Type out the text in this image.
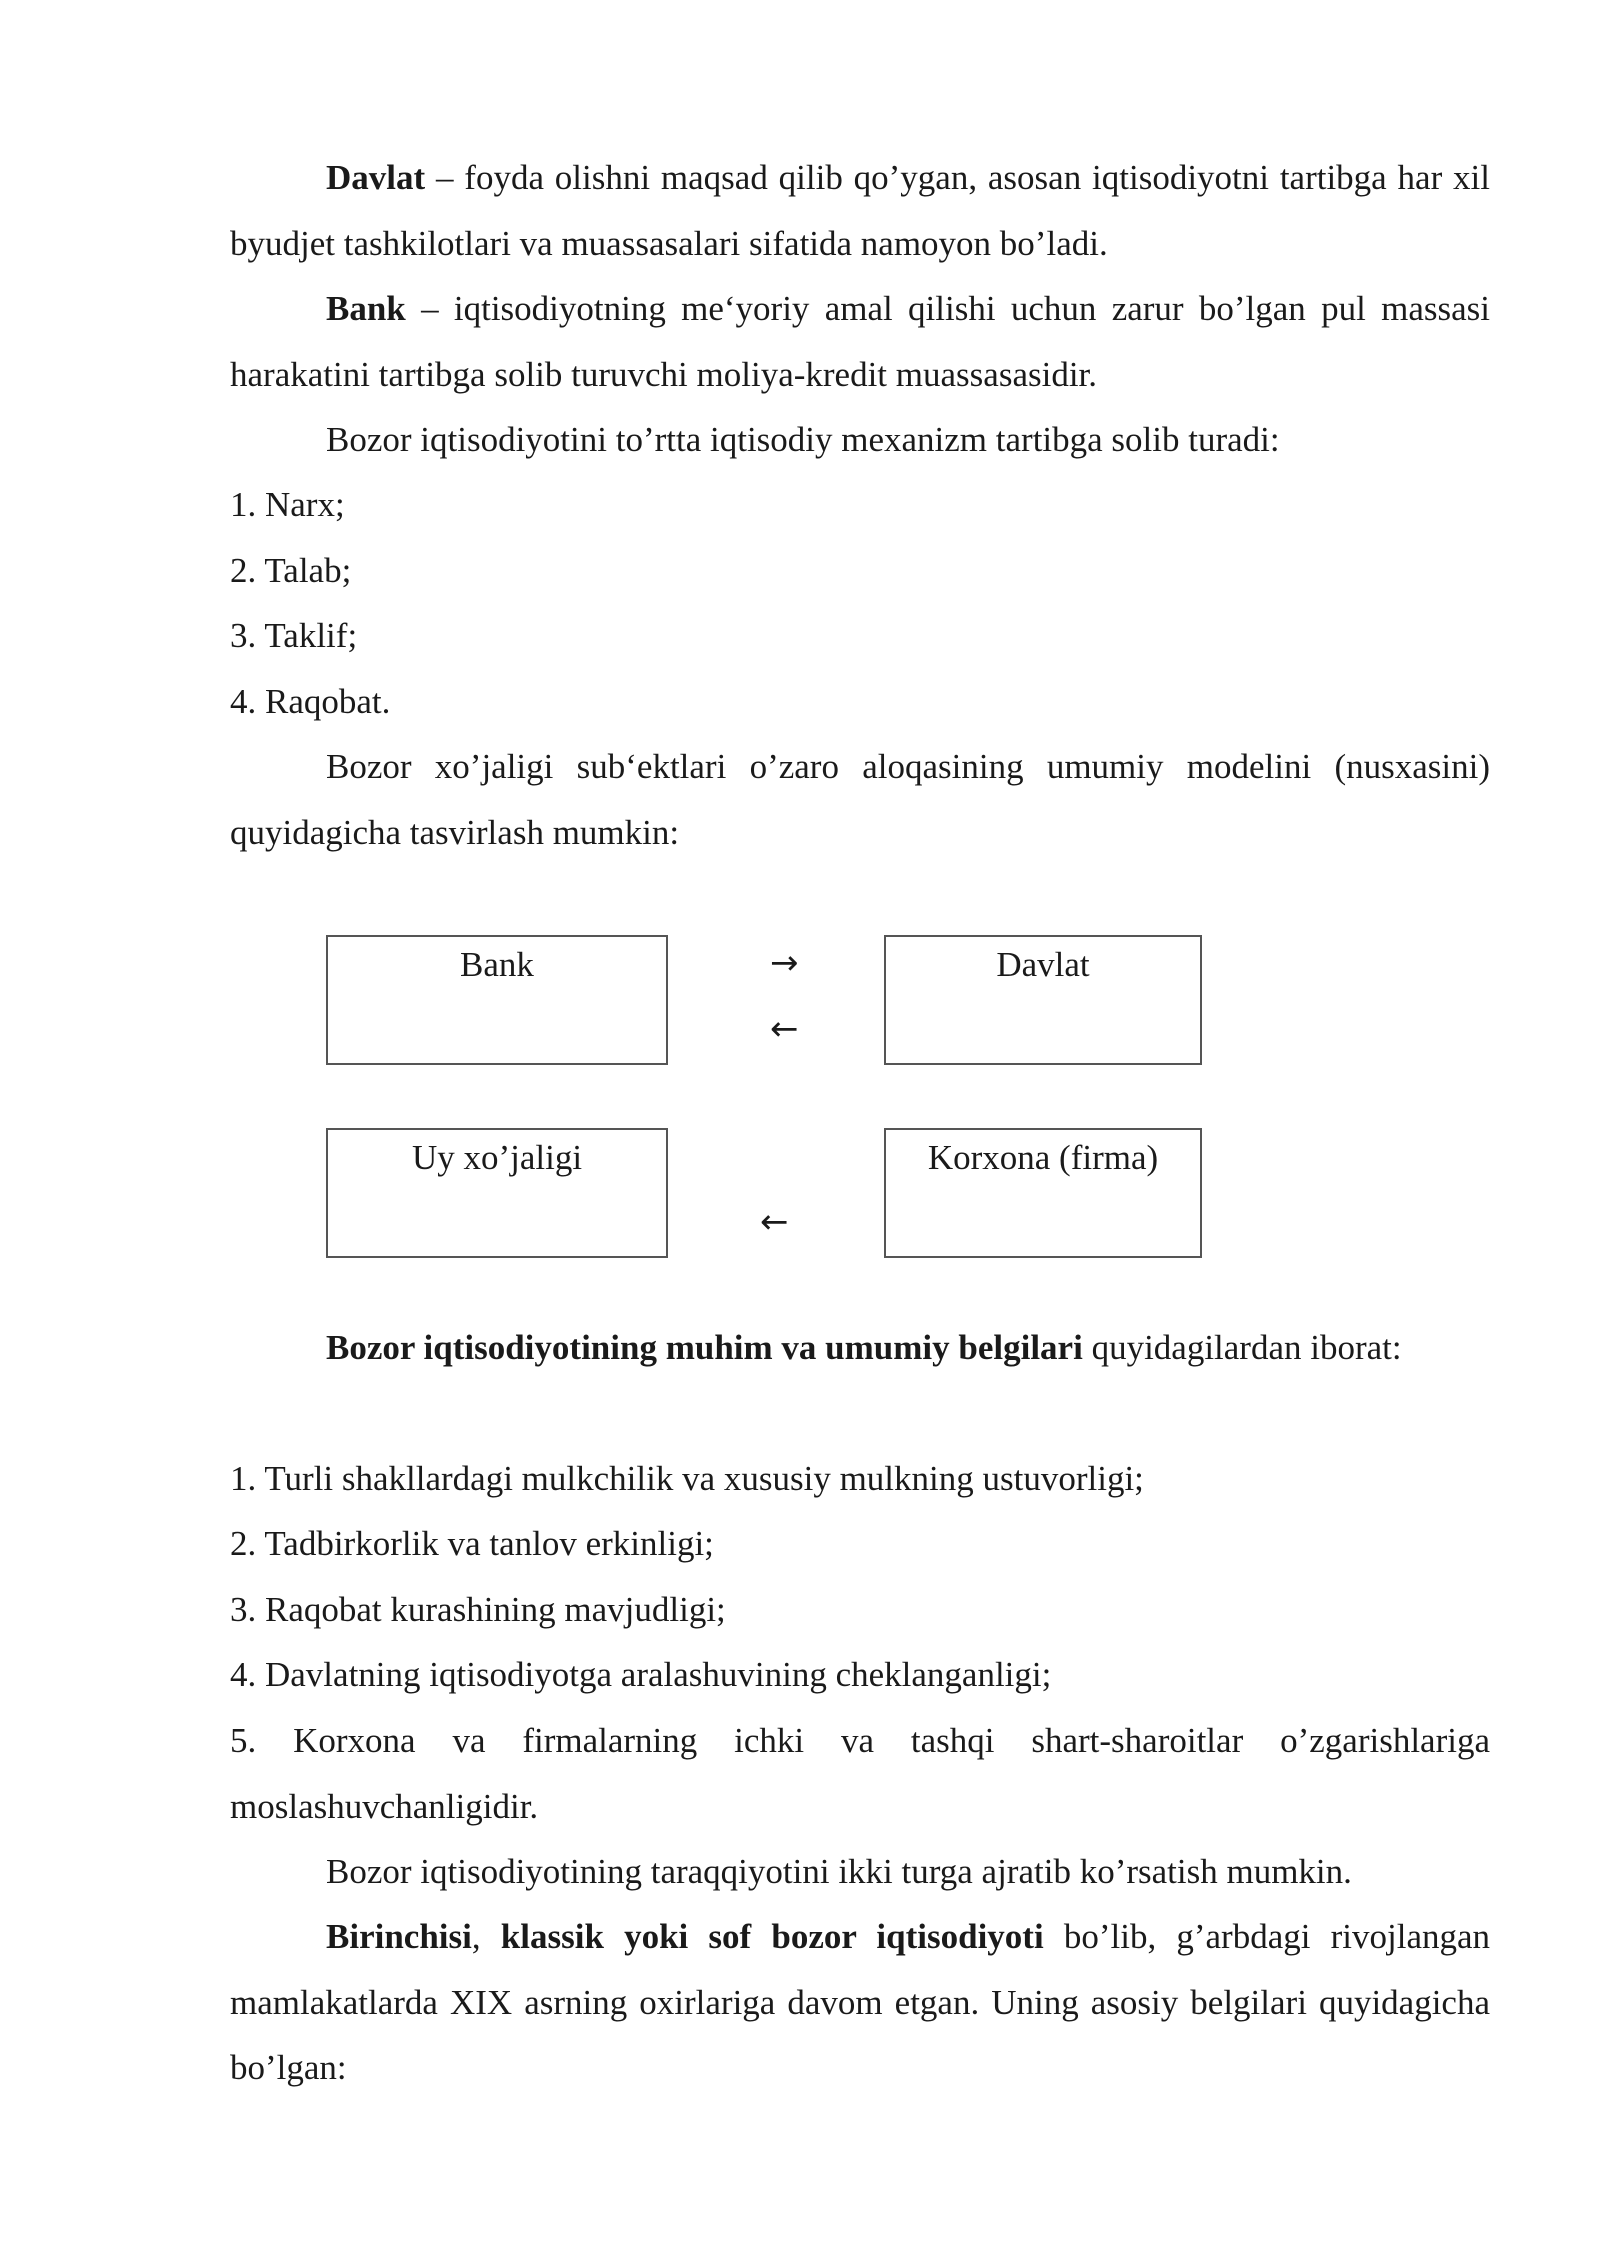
Davlat – foyda olishni maqsad qilib qo’ygan, asosan iqtisodiyotni tartibga har xil byudjet tashkilotlari va muassasalari sifatida namoyon bo’ladi.

Bank – iqtisodiyotning me‘yoriy amal qilishi uchun zarur bo’lgan pul massasi harakatini tartibga solib turuvchi moliya-kredit muassasasidir.

Bozor iqtisodiyotini to’rtta iqtisodiy mexanizm tartibga solib turadi:

1. Narx;
2. Talab;
3. Taklif;
4. Raqobat.

Bozor xo’jaligi sub‘ektlari o’zaro aloqasining umumiy modelini (nusxasini) quyidagicha tasvirlash mumkin:

Bank	Davlat
Uy xo’jaligi	Korxona (firma)
→
←
←

Bozor iqtisodiyotining muhim va umumiy belgilari quyidagilardan iborat:

1. Turli shakllardagi mulkchilik va xususiy mulkning ustuvorligi;
2. Tadbirkorlik va tanlov erkinligi;
3. Raqobat kurashining mavjudligi;
4. Davlatning iqtisodiyotga aralashuvining cheklanganligi;

5. Korxona va firmalarning ichki va tashqi shart-sharoitlar o’zgarishlariga moslashuvchanligidir.

Bozor iqtisodiyotining taraqqiyotini ikki turga ajratib ko’rsatish mumkin.

Birinchisi, klassik yoki sof bozor iqtisodiyoti bo’lib, g’arbdagi rivojlangan mamlakatlarda XIX asrning oxirlariga davom etgan. Uning asosiy belgilari quyidagicha bo’lgan:
